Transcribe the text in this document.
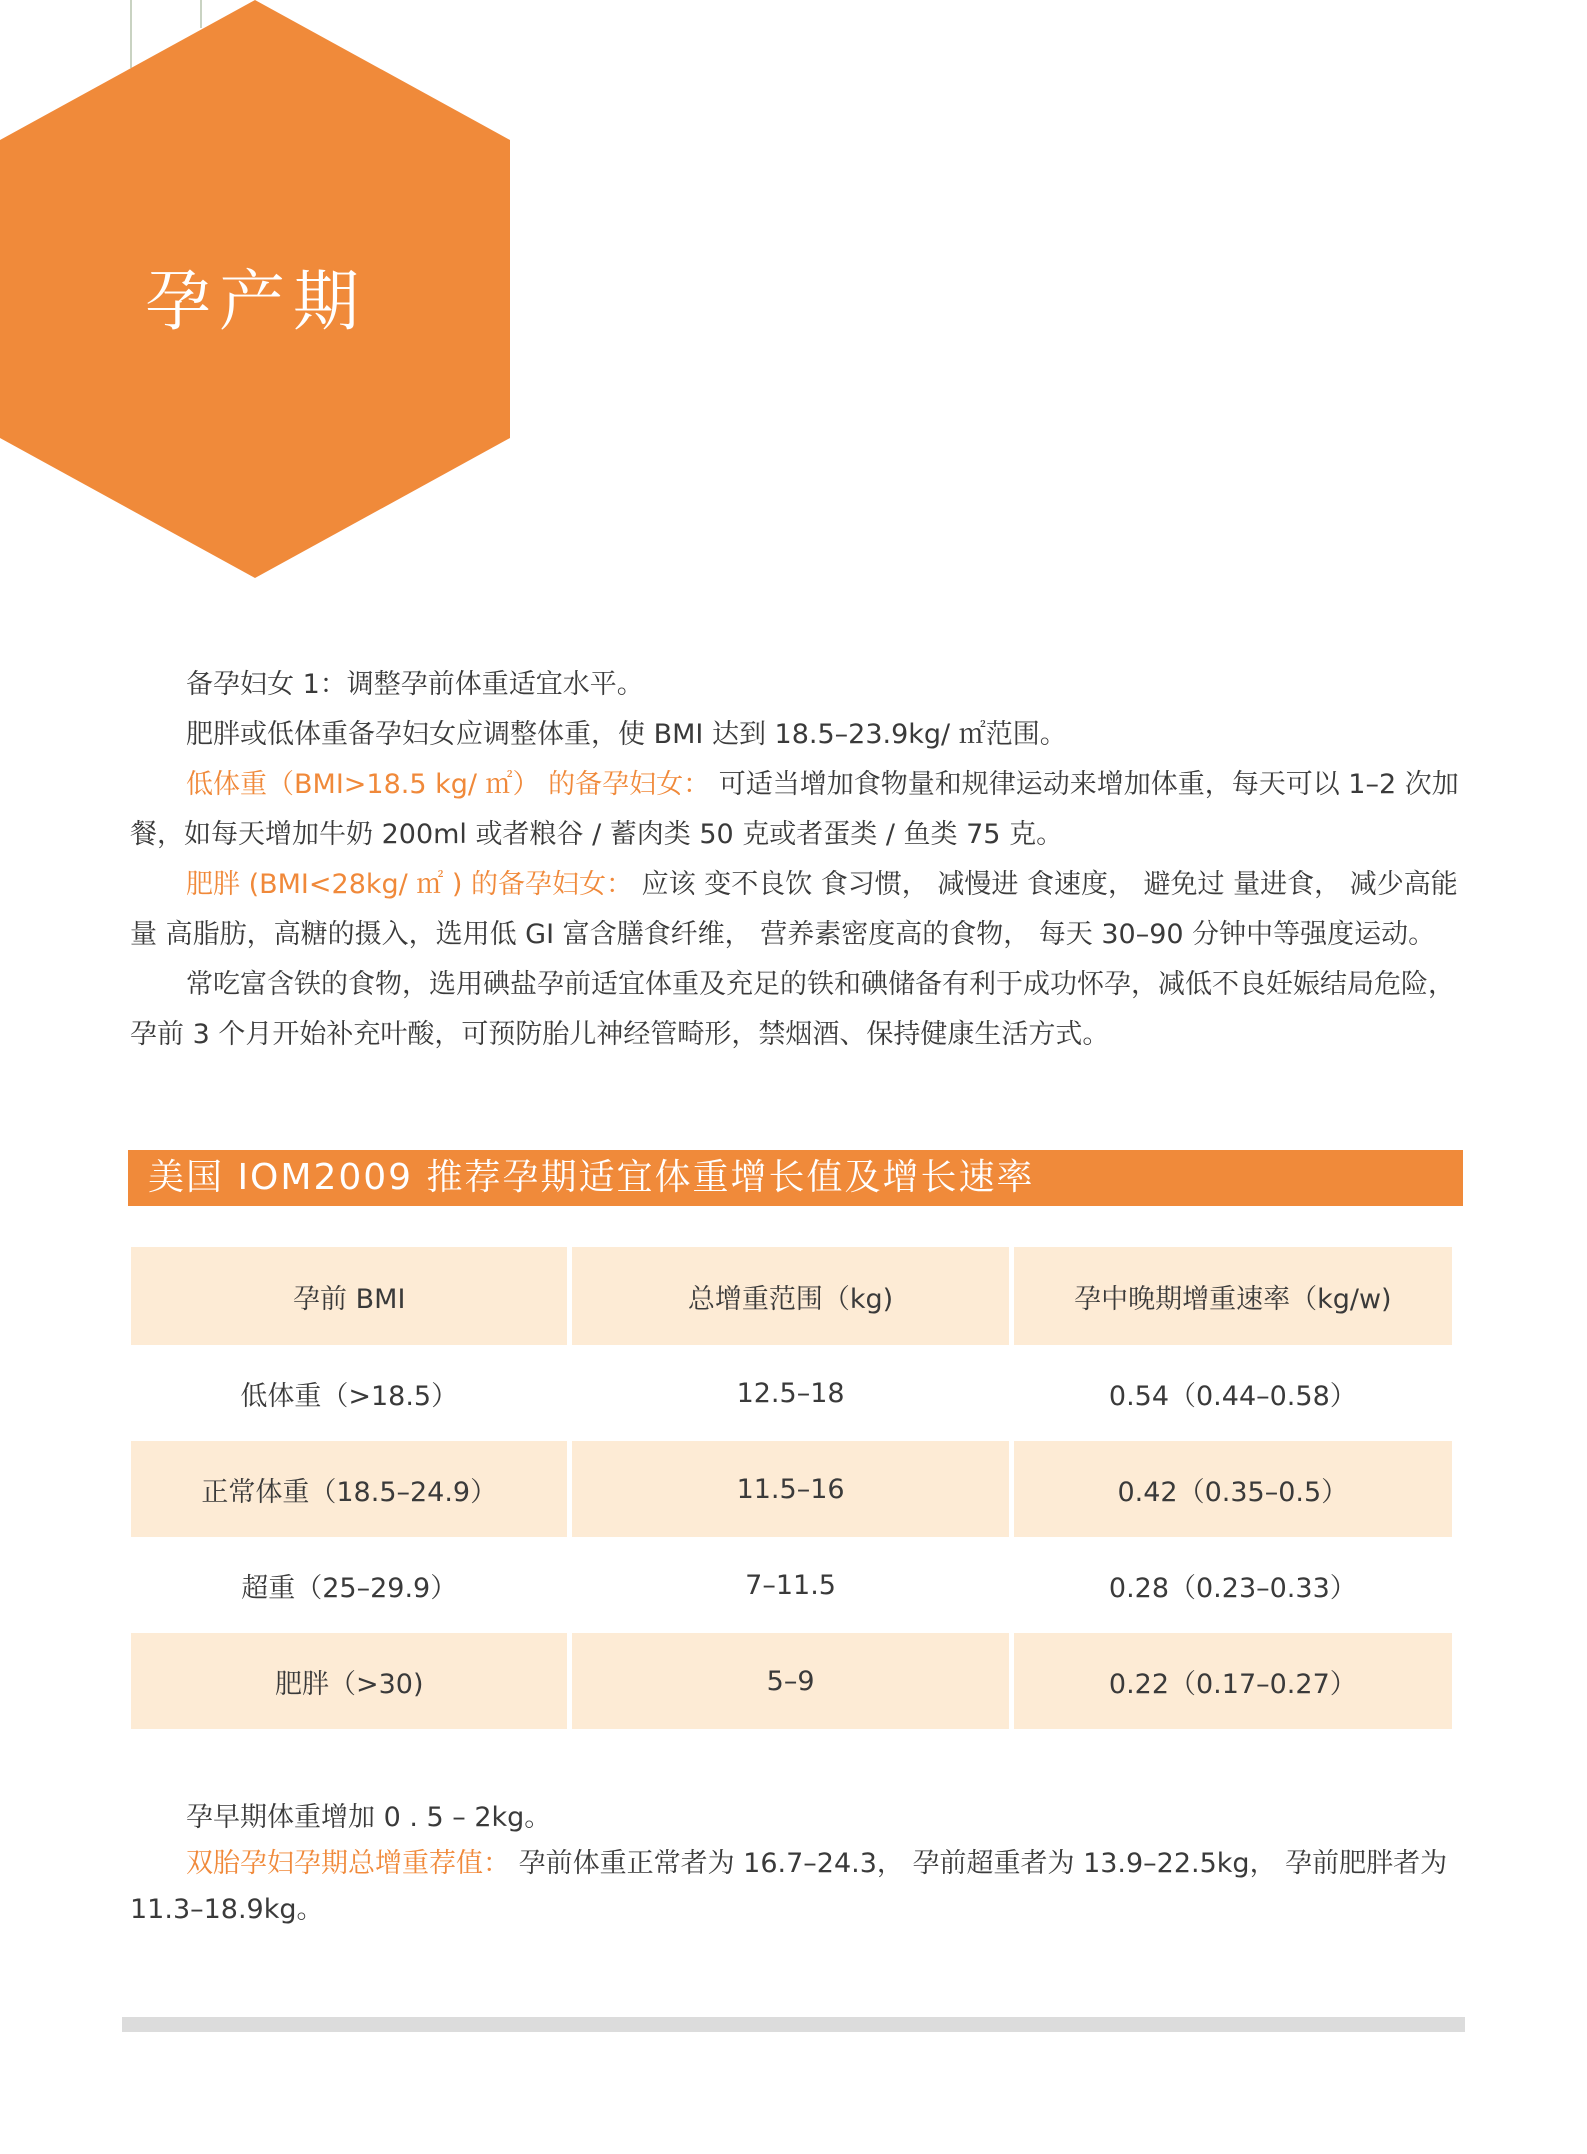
孕产期

备孕妇女 1：调整孕前体重适宜水平。

肥胖或低体重备孕妇女应调整体重，使 BMI 达到 18.5–23.9kg/ ㎡范围。

低体重（BMI>18.5 kg/ ㎡） 的备孕妇女： 可适当增加食物量和规律运动来增加体重，每天可以 1–2 次加餐，如每天增加牛奶 200ml 或者粮谷 / 蓄肉类 50 克或者蛋类 / 鱼类 75 克。

肥胖 (BMI<28kg/ ㎡ ) 的备孕妇女： 应该 变不良饮 食习惯， 减慢进 食速度， 避免过 量进食， 减少高能量 高脂肪，高糖的摄入，选用低 GI 富含膳食纤维， 营养素密度高的食物， 每天 30–90 分钟中等强度运动。

常吃富含铁的食物，选用碘盐孕前适宜体重及充足的铁和碘储备有利于成功怀孕，减低不良妊娠结局危险， 孕前 3 个月开始补充叶酸，可预防胎儿神经管畸形，禁烟酒、保持健康生活方式。

美国 IOM2009 推荐孕期适宜体重增长值及增长速率
孕前 BMI	总增重范围（kg)	孕中晚期增重速率（kg/w)
低体重（>18.5）	12.5–18	0.54（0.44–0.58）
正常体重（18.5–24.9）	11.5–16	0.42（0.35–0.5）
超重（25–29.9）	7–11.5	0.28（0.23–0.33）
肥胖（>30)	5–9	0.22（0.17–0.27）

孕早期体重增加 0 . 5 – 2kg。

双胎孕妇孕期总增重荐值： 孕前体重正常者为 16.7–24.3， 孕前超重者为 13.9–22.5kg， 孕前肥胖者为 11.3–18.9kg。
